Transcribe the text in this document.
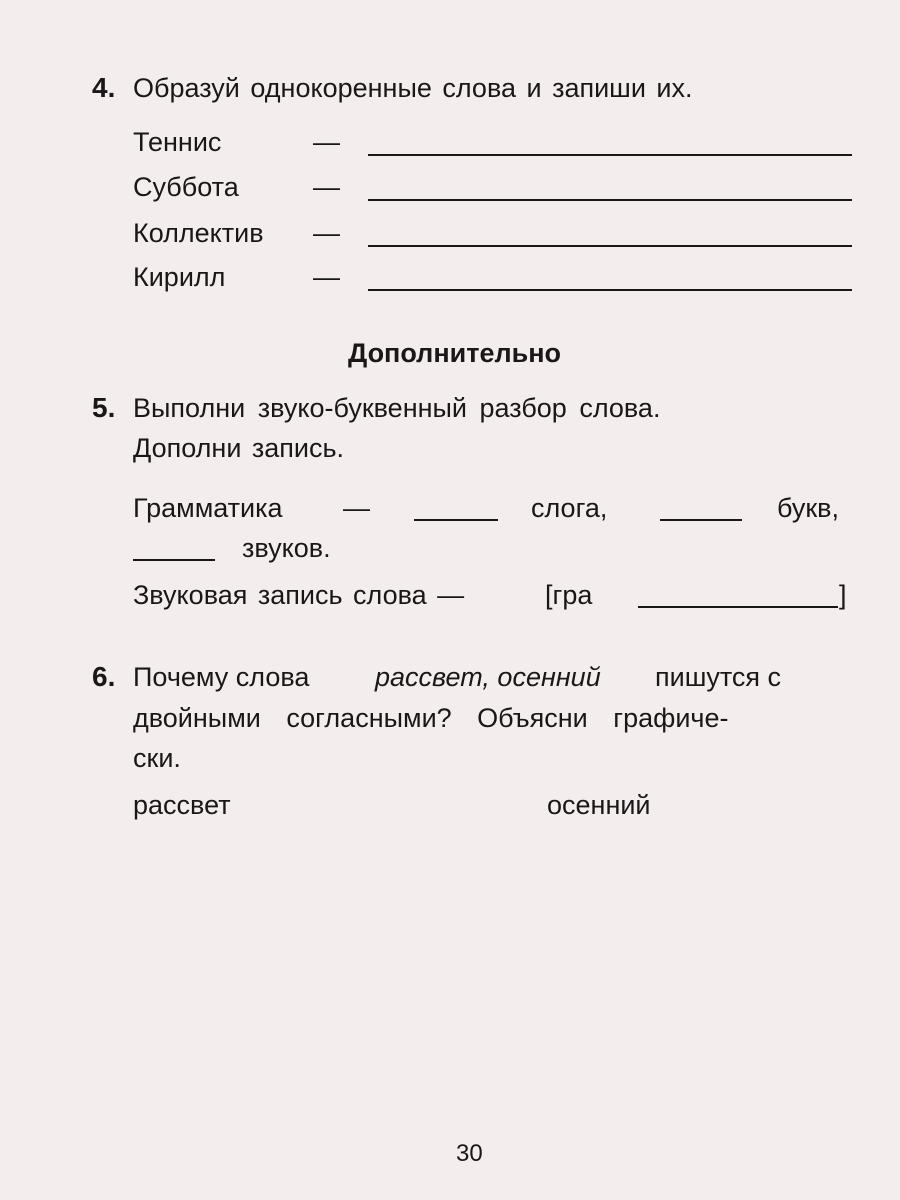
4. Образуй однокоренные слова и запиши их.
Теннис	—
Суббота	—
Коллектив —
Кирилл	—
Дополнительно
5. Выполни звуко-буквенный разбор слова.
Дополни запись.
Грамматика —	слога,	букв,
звуков.
Звуковая запись слова —	[гра	]
6. Почему слова рассвет, осенний пишутся с
двойными согласными? Объясни графиче-
ски.
рассвет	осенний
30
